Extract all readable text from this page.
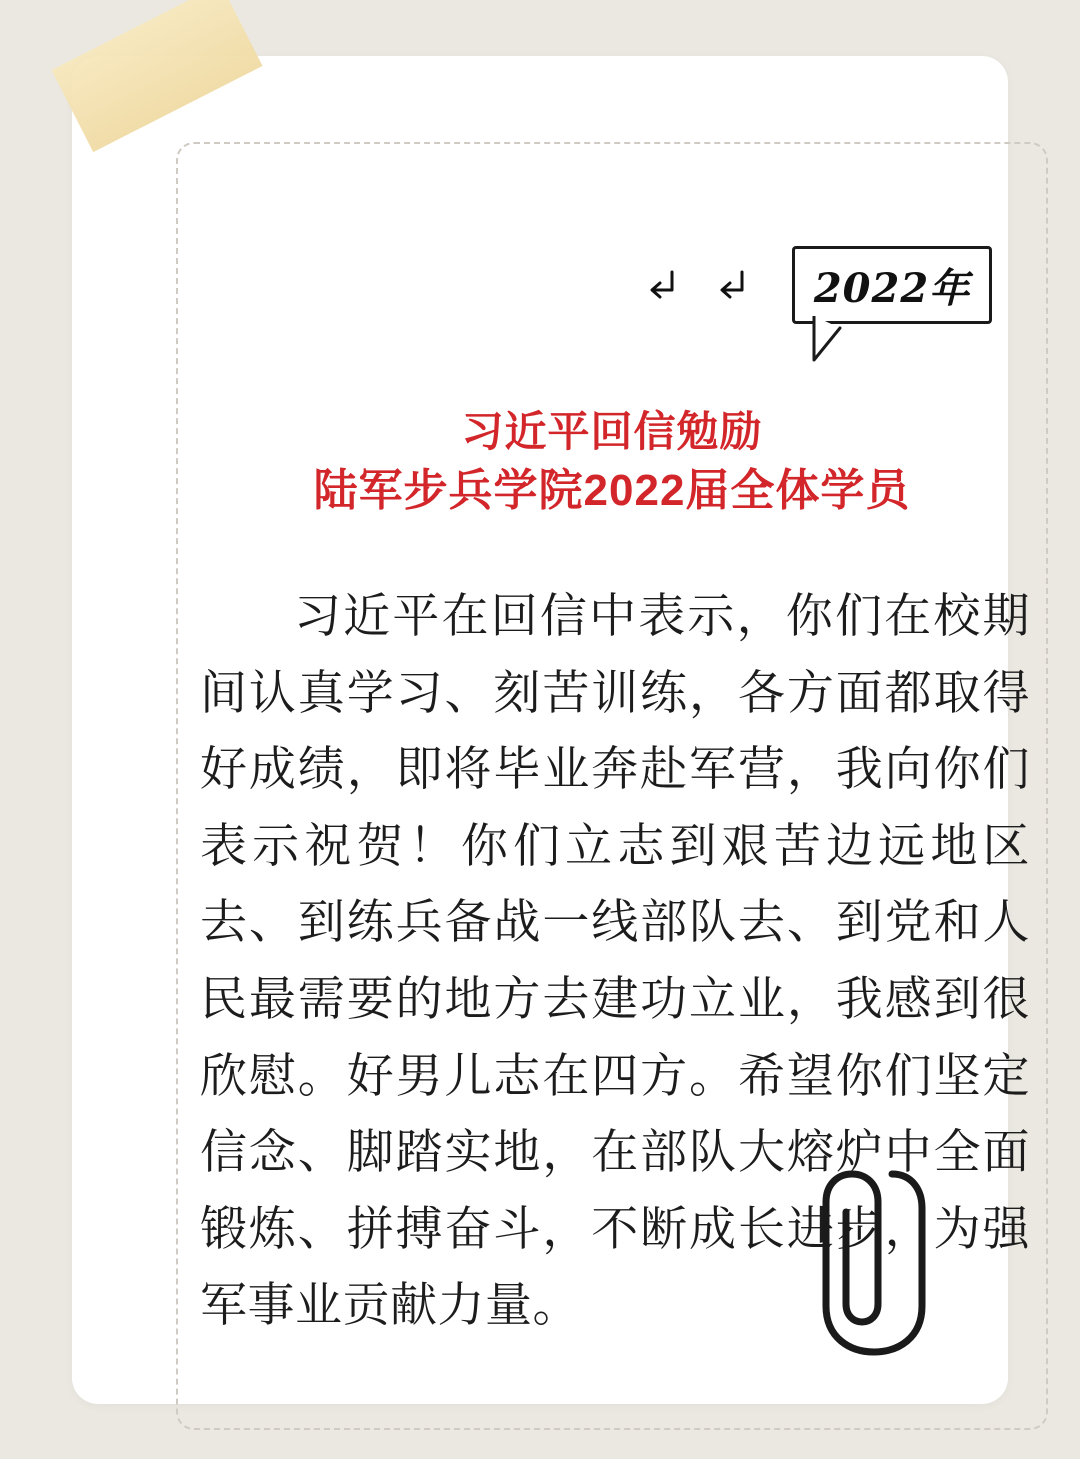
2022年
习近平回信勉励
陆军步兵学院2022届全体学员
习近平在回信中表示，你们在校期间认真学习、刻苦训练，各方面都取得好成绩，即将毕业奔赴军营，我向你们表示祝贺！你们立志到艰苦边远地区去、到练兵备战一线部队去、到党和人民最需要的地方去建功立业，我感到很欣慰。好男儿志在四方。希望你们坚定信念、脚踏实地，在部队大熔炉中全面锻炼、拼搏奋斗，不断成长进步，为强军事业贡献力量。
